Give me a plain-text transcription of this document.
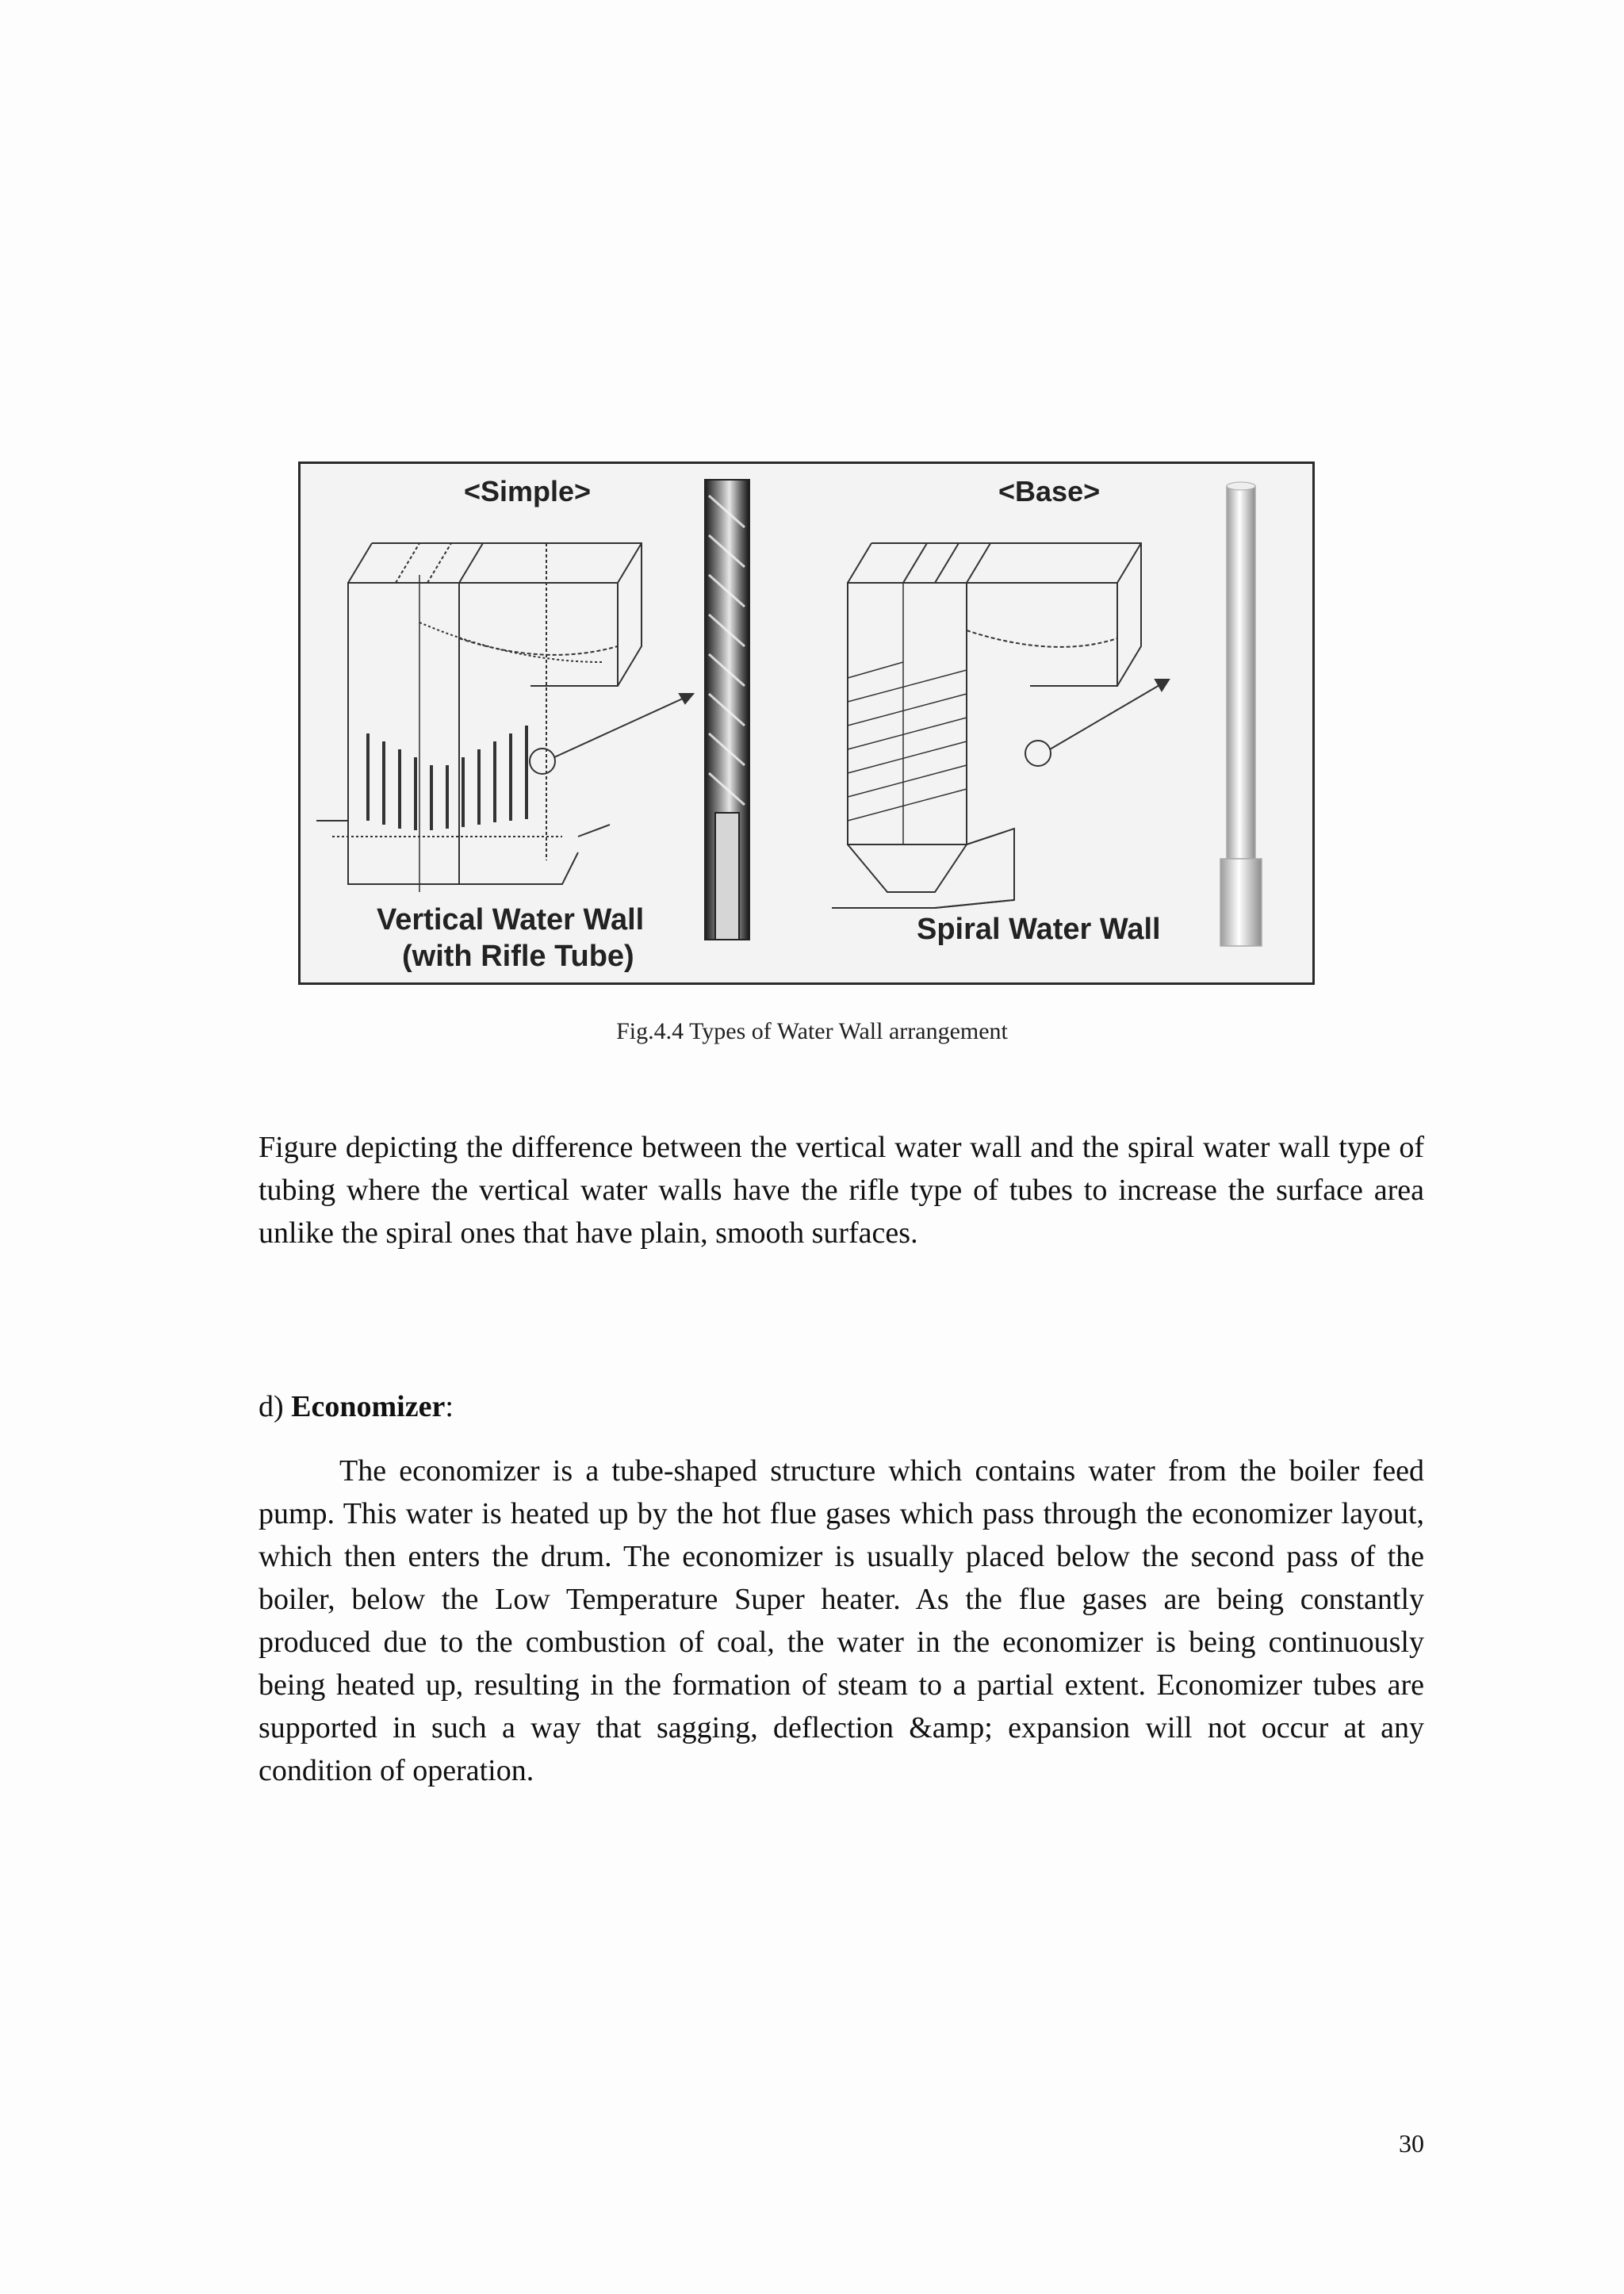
<Simple>	<Base>
Vertical Water Wall
(with Rifle Tube)
Spiral Water Wall

Fig.4.4 Types of Water Wall arrangement

Figure depicting the difference between the vertical water wall and the spiral water wall type of tubing where the vertical water walls have the rifle type of tubes to increase the surface area unlike the spiral ones that have plain, smooth surfaces.

d) Economizer:

The economizer is a tube-shaped structure which contains water from the boiler feed pump. This water is heated up by the hot flue gases which pass through the economizer layout, which then enters the drum. The economizer is usually placed below the second pass of the boiler, below the Low Temperature Super heater. As the flue gases are being constantly produced due to the combustion of coal, the water in the economizer is being continuously being heated up, resulting in the formation of steam to a partial extent. Economizer tubes are supported in such a way that sagging, deflection &amp; expansion will not occur at any condition of operation.

30
